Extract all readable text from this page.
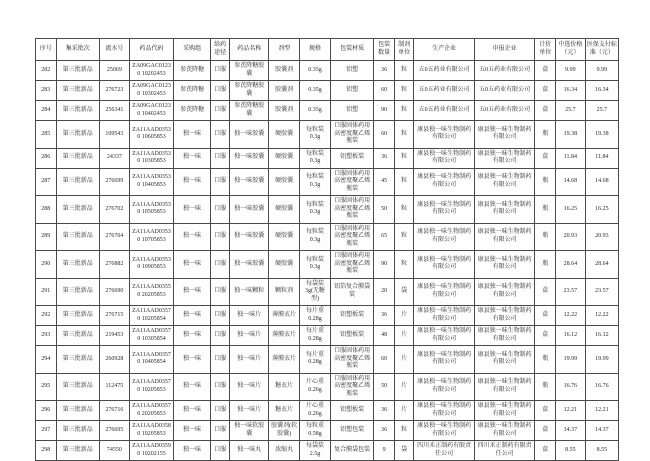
序号	集采批次	流水号	药品代码	采购组	给药途径	药品名称	剂型	规格	包装材质	包装数量	制剂单位	生产企业	申报企业	计价单位	中选价格（元）	医保支付标准（元）
282	第三批新品	25069	ZA09GAC01230 10202453	参芪降糖	口服	参芪降糖胶囊	胶囊剂	0.35g	铝塑	36	粒	五0五药业有限公司	五0五药业有限公司	盒	9.99	9.99
283	第三批新品	276723	ZA09GAC01230 10302453	参芪降糖	口服	参芪降糖胶囊	胶囊剂	0.35g	铝塑	60	粒	五0五药业有限公司	五0五药业有限公司	盒	16.34	16.34
284	第三批新品	256341	ZA09GAC01230 10402453	参芪降糖	口服	参芪降糖胶囊	胶囊剂	0.35g	铝塑	90	粒	五0五药业有限公司	五0五药业有限公司	盒	25.7	25.7
285	第三批新品	109543	ZA11AAD03530 10605853	独一味	口服	独一味胶囊	硬胶囊	每粒装0.3g	口服固体药用高密度聚乙烯瓶装	60	粒	康县独一味生物制药有限公司	康县独一味生物制药有限公司	瓶	19.38	19.38
286	第三批新品	24337	ZA11AAD03530 10305853	独一味	口服	独一味胶囊	硬胶囊	每粒装0.3g	铝塑板装	36	粒	康县独一味生物制药有限公司	康县独一味生物制药有限公司	盒	11.84	11.84
287	第三批新品	276699	ZA11AAD03530 10405853	独一味	口服	独一味胶囊	硬胶囊	每粒装0.3g	口服固体药用高密度聚乙烯瓶装	45	粒	康县独一味生物制药有限公司	康县独一味生物制药有限公司	瓶	14.68	14.68
288	第三批新品	276702	ZA11AAD03530 10505853	独一味	口服	独一味胶囊	硬胶囊	每粒装0.3g	口服固体药用高密度聚乙烯瓶装	50	粒	康县独一味生物制药有限公司	康县独一味生物制药有限公司	瓶	16.25	16.25
289	第三批新品	276704	ZA11AAD03530 10705853	独一味	口服	独一味胶囊	硬胶囊	每粒装0.3g	口服固体药用高密度聚乙烯瓶装	65	粒	康县独一味生物制药有限公司	康县独一味生物制药有限公司	瓶	20.93	20.93
290	第三批新品	276882	ZA11AAD03530 10905853	独一味	口服	独一味胶囊	硬胶囊	每粒装0.3g	口服固体药用高密度聚乙烯瓶装	90	粒	康县独一味生物制药有限公司	康县独一味生物制药有限公司	瓶	28.64	28.64
291	第三批新品	276690	ZA11AAD03550 20205853	独一味	口服	独一味颗粒	颗粒剂	每袋装3g(无糖型)	铝箔复合膜袋装	20	袋	康县独一味生物制药有限公司	康县独一味生物制药有限公司	盒	23.57	23.57
292	第三批新品	276715	ZA11AAD03570 10205854	独一味	口服	独一味片	薄膜衣片	每片重0.28g	铝塑板装	36	片	康县独一味生物制药有限公司	康县独一味生物制药有限公司	盒	12.22	12.22
293	第三批新品	219453	ZA11AAD03570 10305854	独一味	口服	独一味片	薄膜衣片	每片重0.28g	铝塑板装	48	片	康县独一味生物制药有限公司	康县独一味生物制药有限公司	盒	16.12	16.12
294	第三批新品	260928	ZA11AAD03570 10405854	独一味	口服	独一味片	薄膜衣片	每片重0.28g	口服固体药用高密度聚乙烯瓶装	60	片	康县独一味生物制药有限公司	康县独一味生物制药有限公司	瓶	19.99	19.99
295	第三批新品	112475	ZA11AAD03570 10205853	独一味	口服	独一味片	糖衣片	片心重0.26g	口服固体药用高密度聚乙烯瓶装	50	片	康县独一味生物制药有限公司	康县独一味生物制药有限公司	瓶	16.76	16.76
296	第三批新品	276716	ZA11AAD03570 20205853	独一味	口服	独一味片	糖衣片	片心重0.26g	铝塑板装	36	片	康县独一味生物制药有限公司	康县独一味生物制药有限公司	盒	12.21	12.21
297	第三批新品	276695	ZA11AAD03580 10205853	独一味	口服	独一味软胶囊	胶囊剂(软胶囊)	每粒重0.58g	铝塑包装	36	粒	康县独一味生物制药有限公司	康县独一味生物制药有限公司	盒	14.37	14.37
298	第三批新品	74550	ZA11AAD03590 10202155	独一味	口服	独一味丸	浓缩丸	每袋装2.5g	复合膜袋包装	9	袋	四川禾正制药有限责任公司	四川禾正制药有限责任公司	盒	8.55	8.55
